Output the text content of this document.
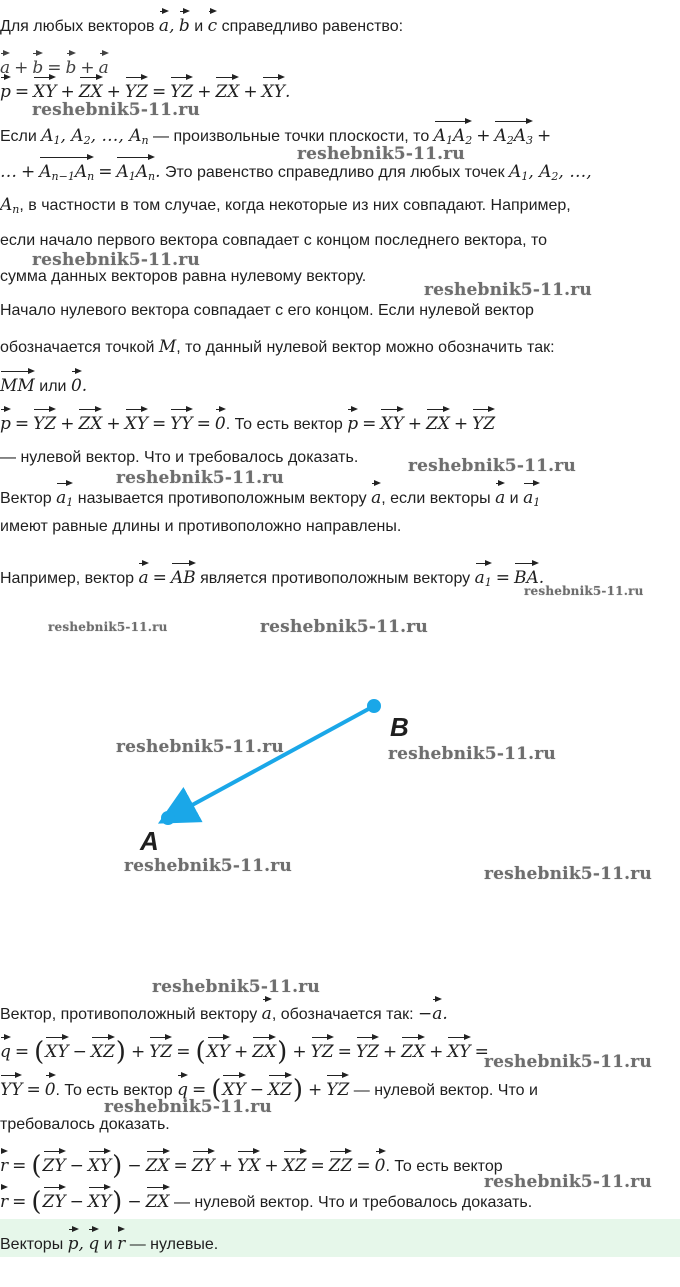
reshebnik5-11.ru
reshebnik5-11.ru
reshebnik5-11.ru
reshebnik5-11.ru
reshebnik5-11.ru
reshebnik5-11.ru
reshebnik5-11.ru
reshebnik5-11.ru	reshebnik5-11.ru
reshebnik5-11.ru	reshebnik5-11.ru
reshebnik5-11.ru	reshebnik5-11.ru
reshebnik5-11.ru
reshebnik5-11.ru
reshebnik5-11.ru
reshebnik5-11.ru
Для любых векторов a, b и c справедливо равенство:
a + b = b + a
p = XY + ZX + YZ = YZ + ZX + XY.
Если $A_1$, $A_2$, …, $A_n$ — произвольные точки плоскости, то $A_1A_2 + A_2A_3$ +
… + $A_{n-1}A_n = A_1A_n$. Это равенство справедливо для любых точек $A_1$, $A_2$, …,
$A_n$, в частности в том случае, когда некоторые из них совпадают. Например,
если начало первого вектора совпадает с концом последнего вектора, то
сумма данных векторов равна нулевому вектору.
Начало нулевого вектора совпадает с его концом. Если нулевой вектор
обозначается точкой M, то данный нулевой вектор можно обозначить так:
MM или 0.
p = YZ + ZX + XY = YY = 0. То есть вектор p = XY + ZX + YZ
— нулевой вектор. Что и требовалось доказать.
Вектор $a_1$ называется противоположным вектору a, если векторы a и $a_1$
имеют равные длины и противоположно направлены.
Например, вектор a = AB является противоположным вектору $a_1$ = BA.
B
A
Вектор, противоположный вектору a, обозначается так: −a.
q = (XY − XZ) + YZ = (XY + ZX) + YZ = YZ + ZX + XY =
YY = 0. То есть вектор q = (XY − XZ) + YZ — нулевой вектор. Что и
требовалось доказать.
r = (ZY − XY) − ZX = ZY + YX + XZ = ZZ = 0. То есть вектор
r = (ZY − XY) − ZX — нулевой вектор. Что и требовалось доказать.
Векторы p, q и r — нулевые.
